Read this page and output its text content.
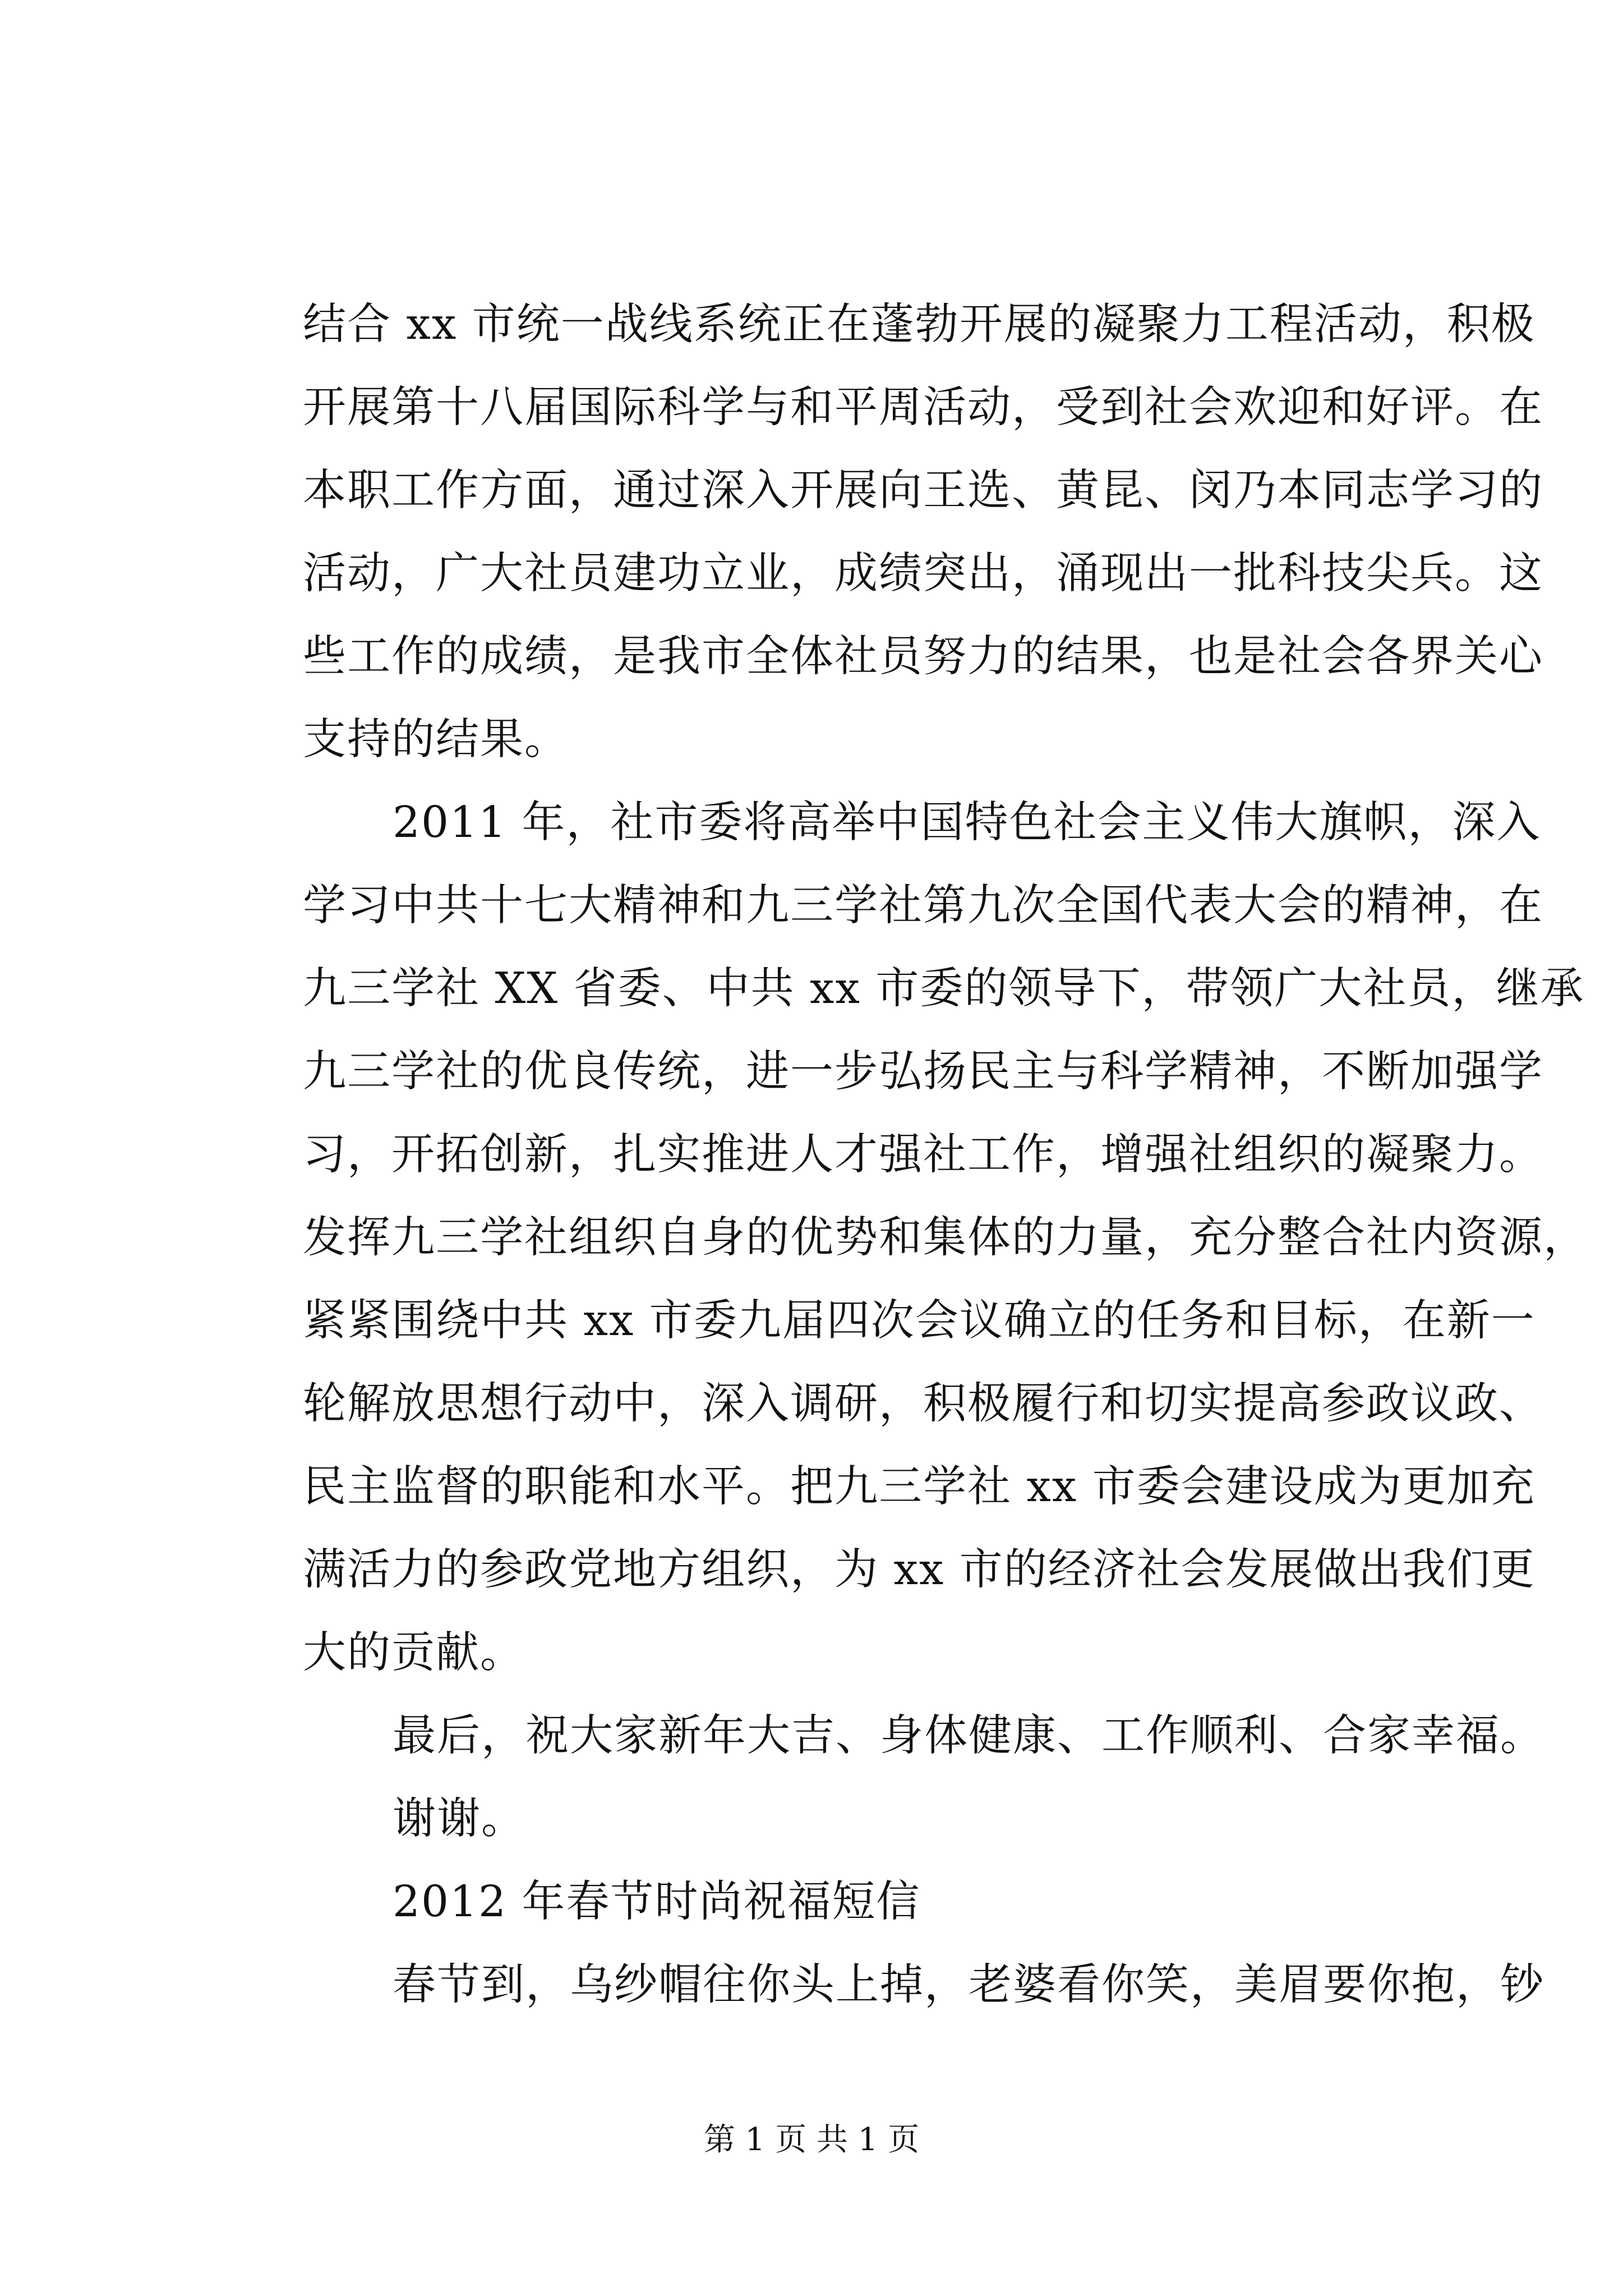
结合 xx 市统一战线系统正在蓬勃开展的凝聚力工程活动，积极
开展第十八届国际科学与和平周活动，受到社会欢迎和好评。在
本职工作方面，通过深入开展向王选、黄昆、闵乃本同志学习的
活动，广大社员建功立业，成绩突出，涌现出一批科技尖兵。这
些工作的成绩，是我市全体社员努力的结果，也是社会各界关心
支持的结果。
2011 年，社市委将高举中国特色社会主义伟大旗帜，深入
学习中共十七大精神和九三学社第九次全国代表大会的精神，在
九三学社 XX 省委、中共 xx 市委的领导下，带领广大社员，继承
九三学社的优良传统，进一步弘扬民主与科学精神，不断加强学
习，开拓创新，扎实推进人才强社工作，增强社组织的凝聚力。
发挥九三学社组织自身的优势和集体的力量，充分整合社内资源，
紧紧围绕中共 xx 市委九届四次会议确立的任务和目标，在新一
轮解放思想行动中，深入调研，积极履行和切实提高参政议政、
民主监督的职能和水平。把九三学社 xx 市委会建设成为更加充
满活力的参政党地方组织，为 xx 市的经济社会发展做出我们更
大的贡献。
最后，祝大家新年大吉、身体健康、工作顺利、合家幸福。
谢谢。
2012 年春节时尚祝福短信
春节到，乌纱帽往你头上掉，老婆看你笑，美眉要你抱，钞
第 1 页 共 1 页
